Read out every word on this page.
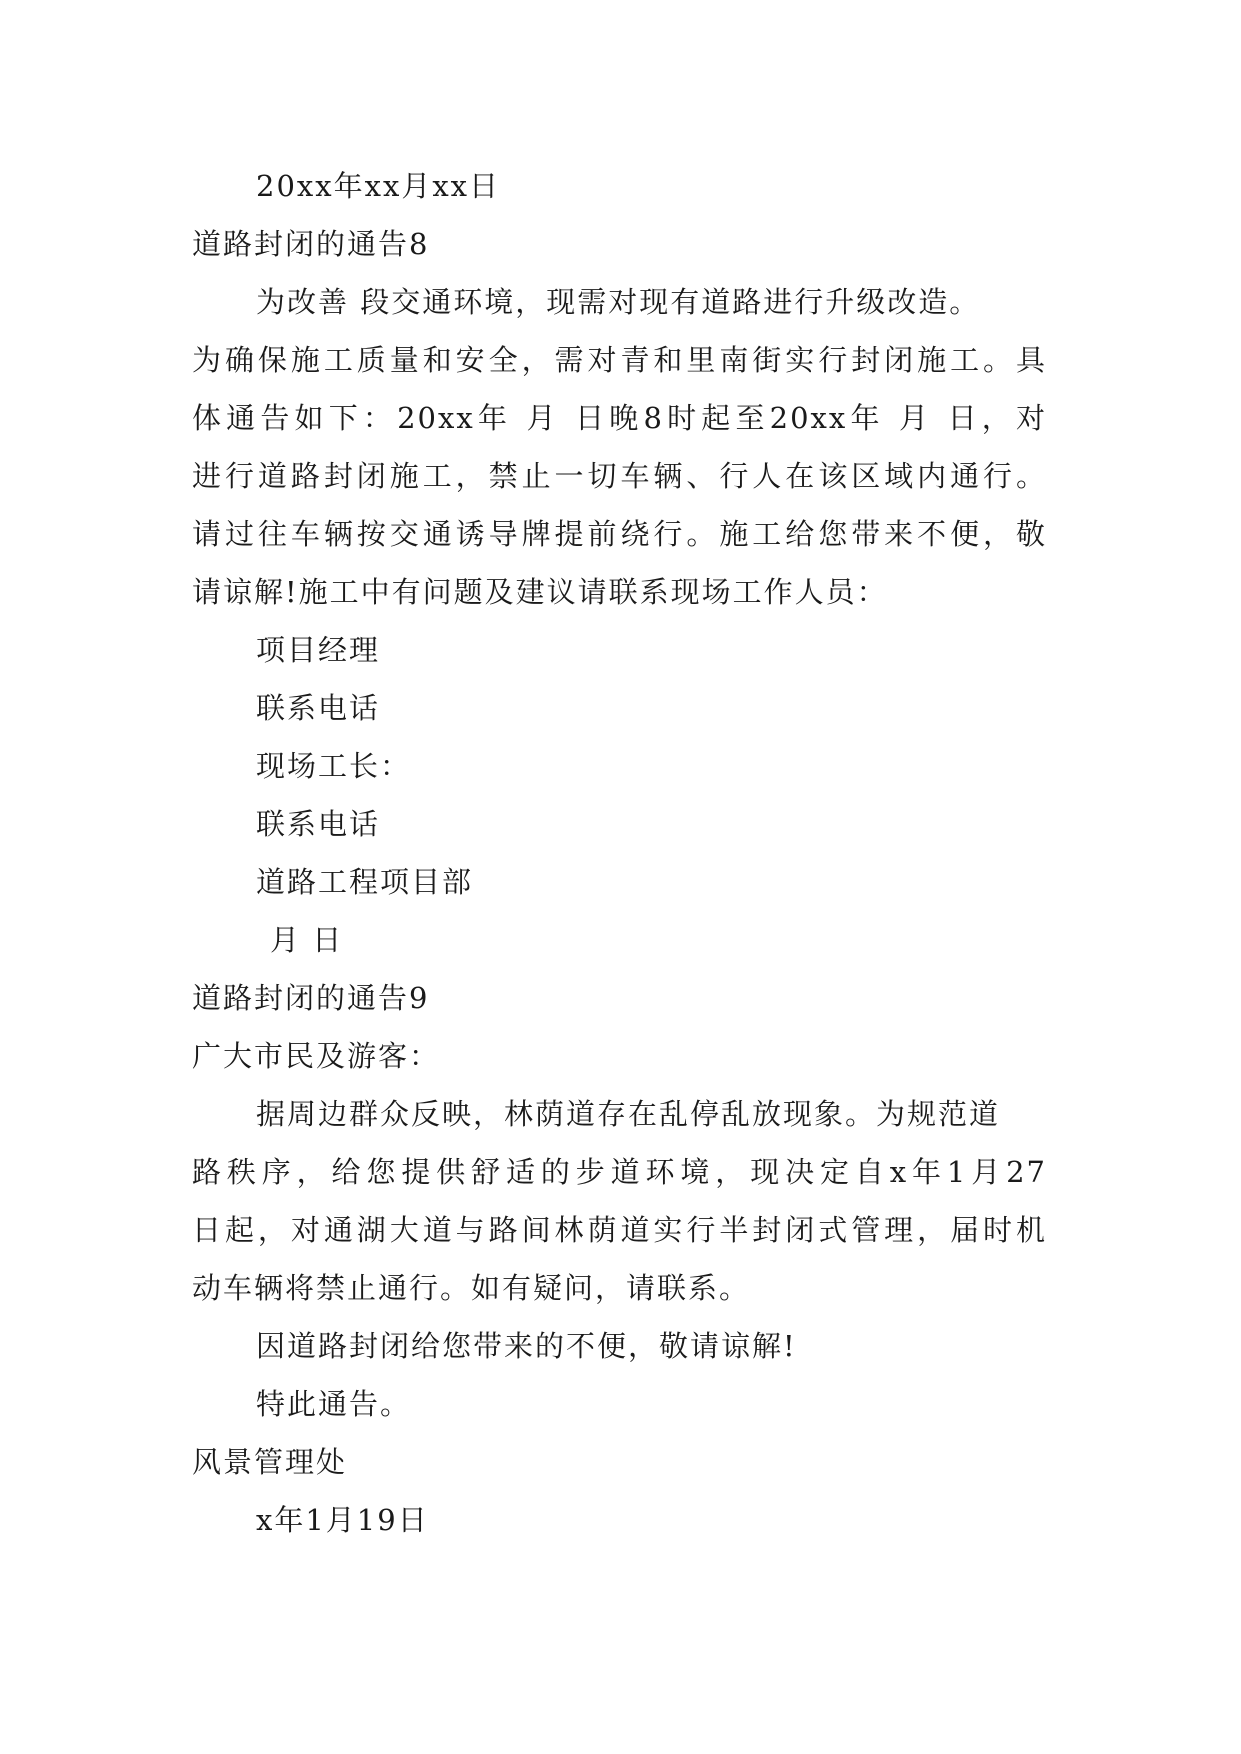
20xx年xx月xx日
道路封闭的通告8
为改善 段交通环境，现需对现有道路进行升级改造。
为确保施工质量和安全，需对青和里南街实行封闭施工。具
体通告如下：20xx年 月 日晚8时起至20xx年 月 日，对
进行道路封闭施工，禁止一切车辆、行人在该区域内通行。
请过往车辆按交通诱导牌提前绕行。施工给您带来不便，敬
请谅解!施工中有问题及建议请联系现场工作人员：
项目经理
联系电话
现场工长：
联系电话
道路工程项目部
月 日
道路封闭的通告9
广大市民及游客：
据周边群众反映，林荫道存在乱停乱放现象。为规范道
路秩序，给您提供舒适的步道环境，现决定自x年1月27
日起，对通湖大道与路间林荫道实行半封闭式管理，届时机
动车辆将禁止通行。如有疑问，请联系。
因道路封闭给您带来的不便，敬请谅解!
特此通告。
风景管理处
x年1月19日
